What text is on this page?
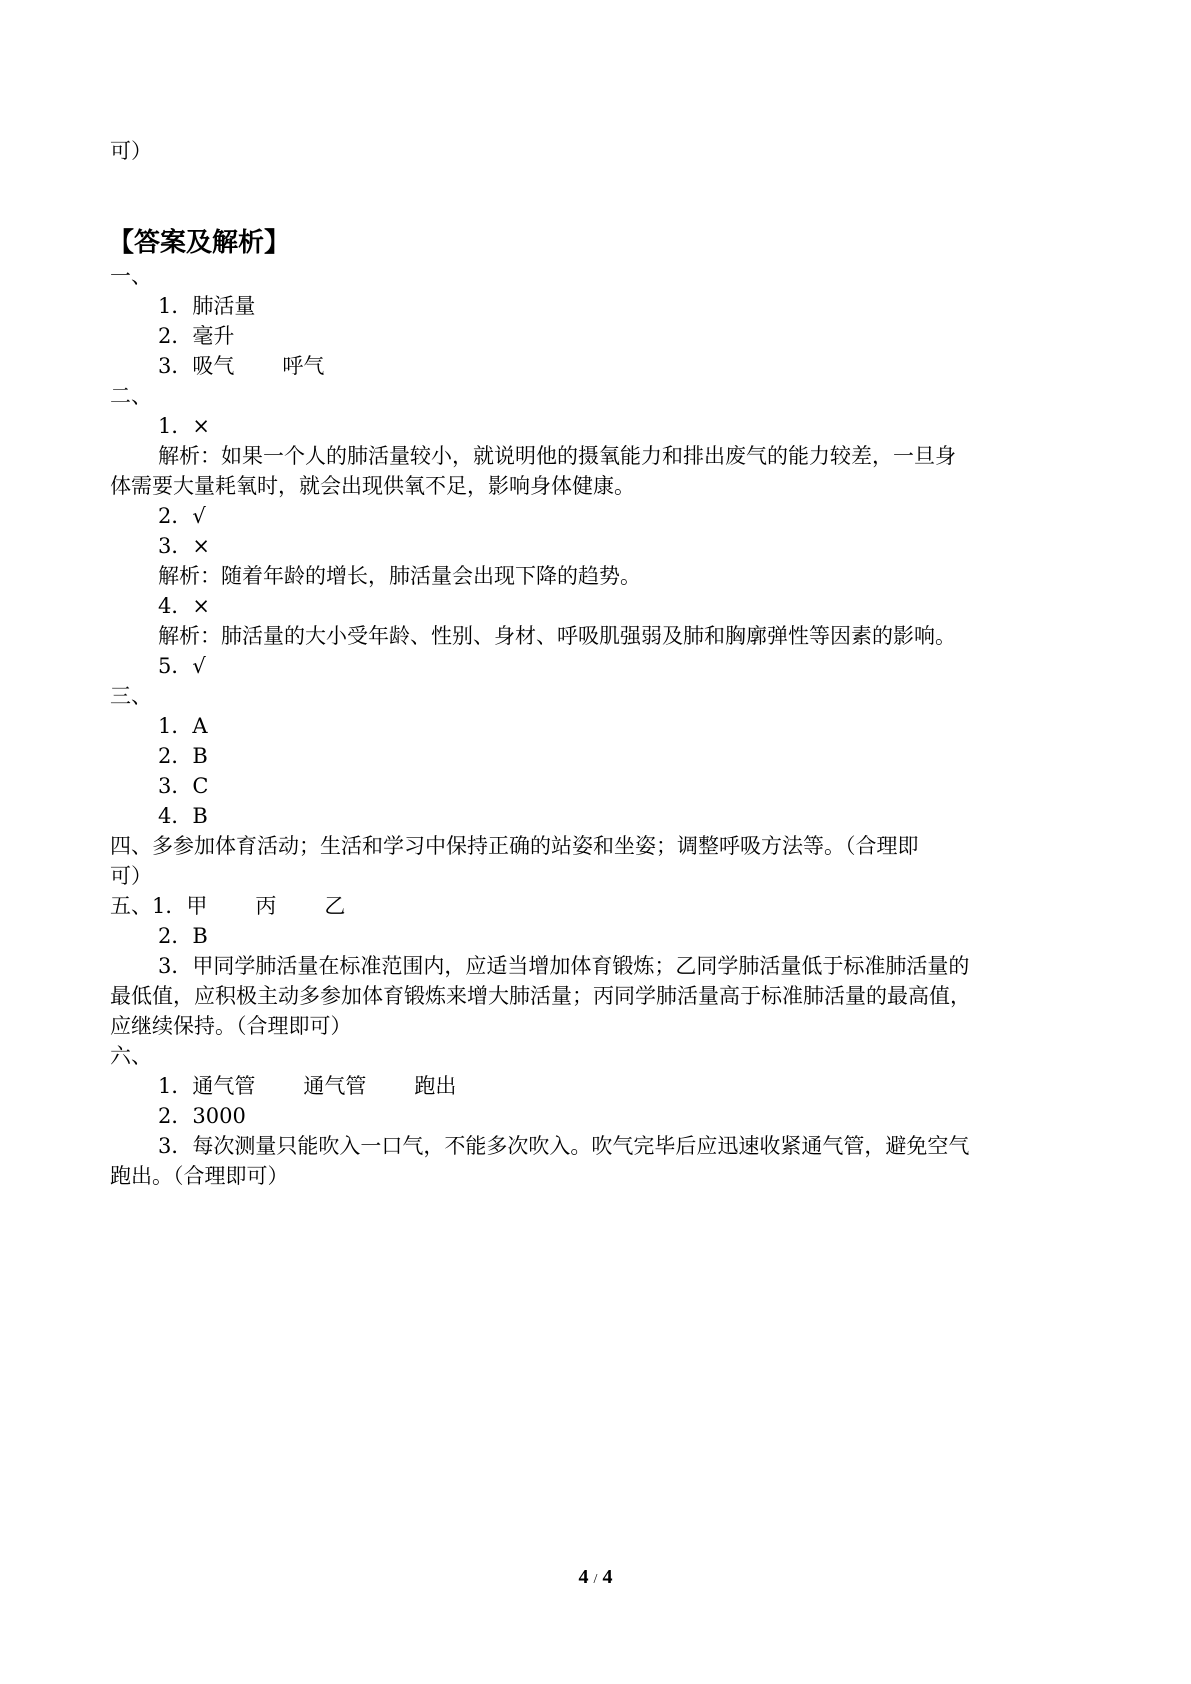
可）
【答案及解析】
一、
1．肺活量
2．毫升
3．吸气 呼气
二、
1．×
解析：如果一个人的肺活量较小，就说明他的摄氧能力和排出废气的能力较差，一旦身
体需要大量耗氧时，就会出现供氧不足，影响身体健康。
2．√
3．×
解析：随着年龄的增长，肺活量会出现下降的趋势。
4．×
解析：肺活量的大小受年龄、性别、身材、呼吸肌强弱及肺和胸廓弹性等因素的影响。
5．√
三、
1．A
2．B
3．C
4．B
四、多参加体育活动；生活和学习中保持正确的站姿和坐姿；调整呼吸方法等。（合理即
可）
五、1．甲 丙 乙
2．B
3．甲同学肺活量在标准范围内，应适当增加体育锻炼；乙同学肺活量低于标准肺活量的
最低值，应积极主动多参加体育锻炼来增大肺活量；丙同学肺活量高于标准肺活量的最高值，
应继续保持。（合理即可）
六、
1．通气管 通气管 跑出
2．3000
3．每次测量只能吹入一口气，不能多次吹入。吹气完毕后应迅速收紧通气管，避免空气
跑出。（合理即可）
4 / 4
